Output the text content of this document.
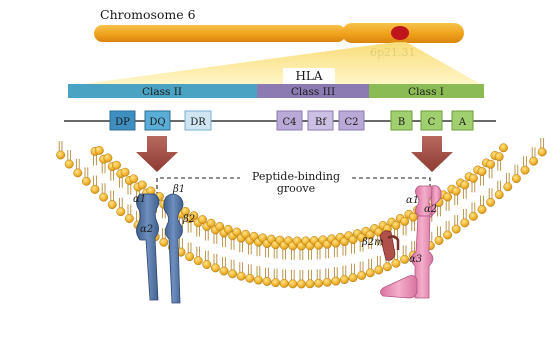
Chromosome 6
HLA
Class II	Class III	Class I
DP DQ DR	C4 Bf C2	B C A
Peptide-binding
groove
α1
α2
β1
β2
α1
α2
α3
β2m
